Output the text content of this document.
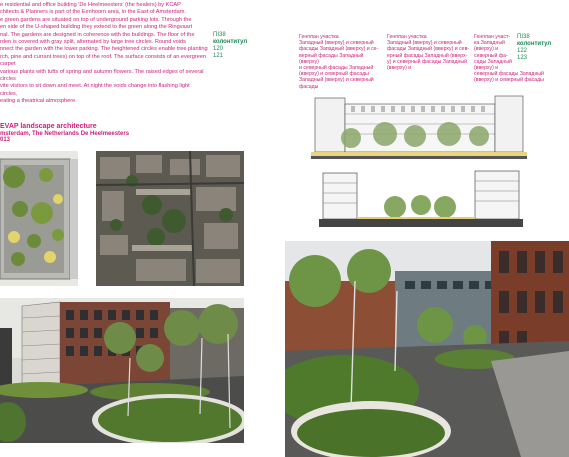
e residential and office building 'De Heelmeesters' (the healers) by KCAP
chitects & Planners is part of the Eenhoorn area, in the East of Amsterdam.
e green gardens are situated on top of underground parking lots. Through the
en side of the U-shaped building they extend to the green along the Ringvaart
nal. The gardens are designed in coherence with the buildings. The floor of the
rden is covered with gray split, alternated by large tree circles. Round voids
nnect the garden with the lower parking. The heightened circles enable tree planting
rch, pine and currant trees) on top of the roof. The surface consists of an evergreen carpet
various plants with tufts of spring and autumn flowers. The raised edges of several circles
vite visitors to sit down and meet. At night the voids change into flashing light circles,
eating a theatrical atmosphere.
ПІ38
колонтитул
120
121
EVAP landscape architecture
msterdam, The Netherlands De Heelmeesters
013
Генплан участка
Западный (вверху) и северный
фасады Западный (вверху) и се-
верный фасады Западный (вверху)
и северный фасады Западный
(вверху) и северный фасады
Западный (вверху) и северный
фасады
Генплан участка
Западный (вверху) и северный
фасады Западный (вверху) и сев-
ерный фасады Западный (вверх-
у) и северный фасады Западный
(вверху) и
Генплан участ-
ка Западный
(вверху) и
северный фа-
сады Западный
(вверху) и
северный фасады Западный
(вверху) и северный фасады
ПІ38
колонтитул
122
123
